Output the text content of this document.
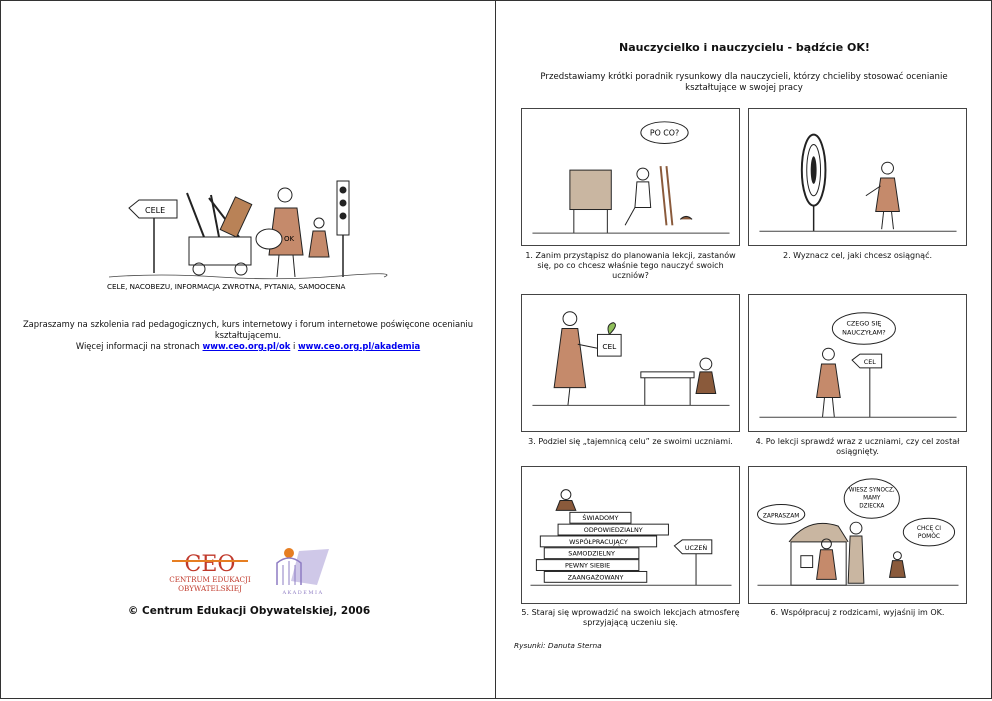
CELE
OK
CELE, NACOBEZU, INFORMACJA ZWROTNA, PYTANIA, SAMOOCENA
Zapraszamy na szkolenia rad pedagogicznych, kurs internetowy i forum internetowe poświęcone ocenianiu kształtującemu.
Więcej informacji na stronach www.ceo.org.pl/ok i www.ceo.org.pl/akademia
CEO
CENTRUM EDUKACJI
OBYWATELSKIEJ	AKADEMIA
© Centrum Edukacji Obywatelskiej, 2006
Nauczycielko i nauczycielu - bądźcie OK!
Przedstawiamy krótki poradnik rysunkowy dla nauczycieli, którzy chcieliby stosować ocenianie kształtujące w swojej pracy
PO CO?
1. Zanim przystąpisz do planowania lekcji, zastanów się, po co chcesz właśnie tego nauczyć swoich uczniów?
2. Wyznacz cel, jaki chcesz osiągnąć.
CEL
3. Podziel się „tajemnicą celu” ze swoimi uczniami.
CZEGO SIĘ
NAUCZYŁAM?
CEL
4. Po lekcji sprawdź wraz z uczniami, czy cel został osiągnięty.
ŚWIADOMY
ODPOWIEDZIALNY
WSPÓŁPRACUJĄCY
SAMODZIELNY
PEWNY SIEBIE
ZAANGAŻOWANY
UCZEŃ
5. Staraj się wprowadzić na swoich lekcjach atmosferę sprzyjającą uczeniu się.
ZAPRASZAM
WIESZ SYNOCZ,
MAMY
DZIECKA
CHCĘ CI
POMÓC
6. Współpracuj z rodzicami, wyjaśnij im OK.
Rysunki: Danuta Sterna
